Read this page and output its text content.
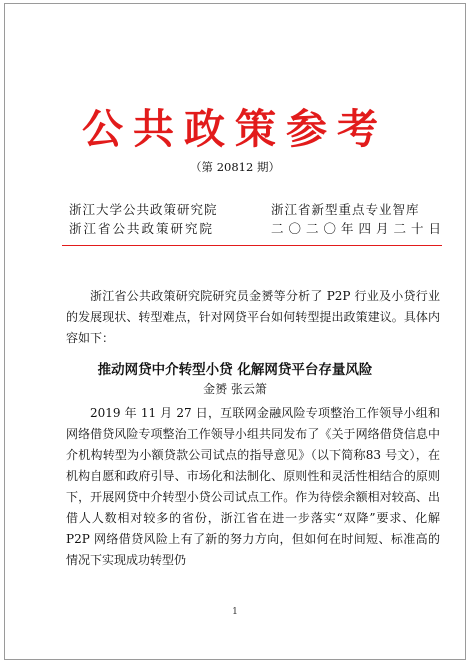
公共政策参考
（第 20812 期）
浙江大学公共政策研究院
浙江省公共政策研究院
浙江省新型重点专业智库
二〇二〇年四月二十日

浙江省公共政策研究院研究员金赟等分析了 P2P 行业及小贷行业的发展现状、转型难点，针对网贷平台如何转型提出政策建议。具体内容如下：

推动网贷中介转型小贷 化解网贷平台存量风险
金赟 张云箫

2019 年 11 月 27 日，互联网金融风险专项整治工作领导小组和网络借贷风险专项整治工作领导小组共同发布了《关于网络借贷信息中介机构转型为小额贷款公司试点的指导意见》（以下简称83 号文），在机构自愿和政府引导、市场化和法制化、原则性和灵活性相结合的原则下，开展网贷中介转型小贷公司试点工作。作为待偿余额相对较高、出借人人数相对较多的省份，浙江省在进一步落实“双降”要求、化解 P2P 网络借贷风险上有了新的努力方向，但如何在时间短、标准高的情况下实现成功转型仍

1
